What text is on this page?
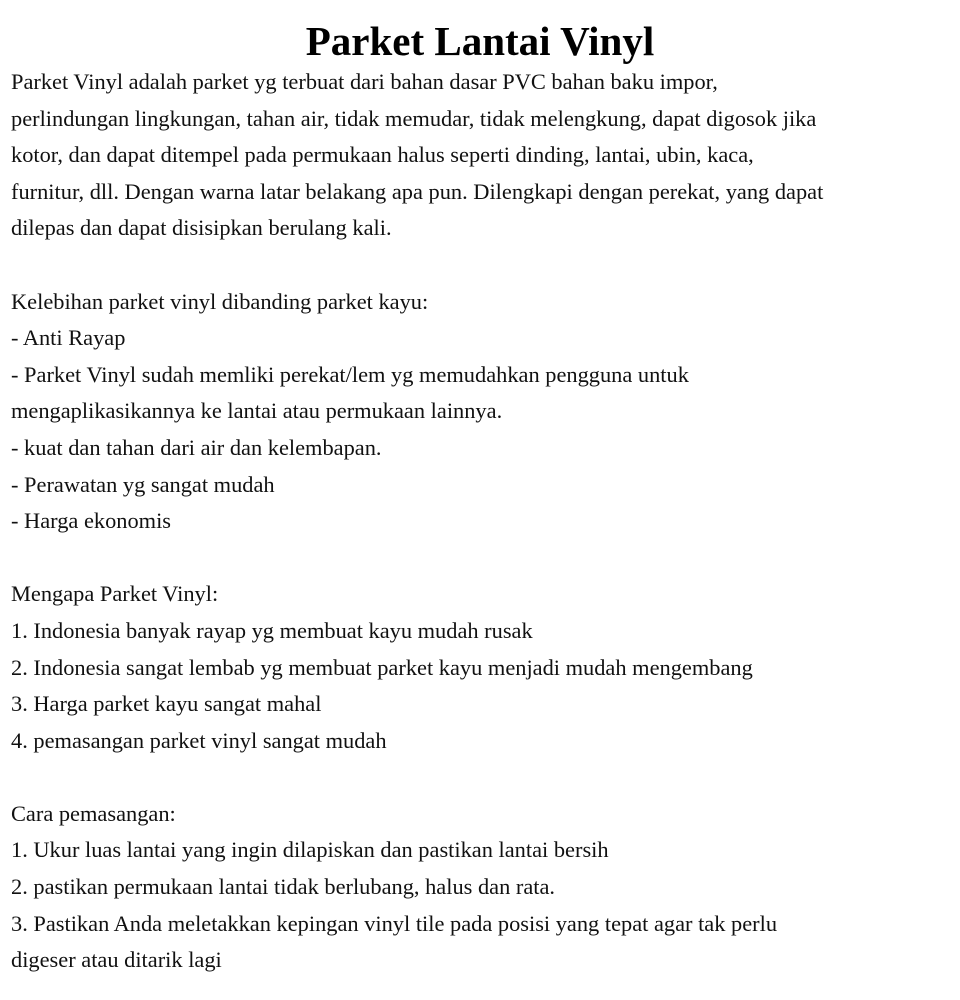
Parket Lantai Vinyl
Parket Vinyl adalah parket yg terbuat dari bahan dasar PVC bahan baku impor,
perlindungan lingkungan, tahan air, tidak memudar, tidak melengkung, dapat digosok jika
kotor, dan dapat ditempel pada permukaan halus seperti dinding, lantai, ubin, kaca,
furnitur, dll. Dengan warna latar belakang apa pun. Dilengkapi dengan perekat, yang dapat
dilepas dan dapat disisipkan berulang kali.
Kelebihan parket vinyl dibanding parket kayu:
- Anti Rayap
- Parket Vinyl sudah memliki perekat/lem yg memudahkan pengguna untuk
mengaplikasikannya ke lantai atau permukaan lainnya.
- kuat dan tahan dari air dan kelembapan.
- Perawatan yg sangat mudah
- Harga ekonomis
Mengapa Parket Vinyl:
1. Indonesia banyak rayap yg membuat kayu mudah rusak
2. Indonesia sangat lembab yg membuat parket kayu menjadi mudah mengembang
3. Harga parket kayu sangat mahal
4. pemasangan parket vinyl sangat mudah
Cara pemasangan:
1. Ukur luas lantai yang ingin dilapiskan dan pastikan lantai bersih
2. pastikan permukaan lantai tidak berlubang, halus dan rata.
3. Pastikan Anda meletakkan kepingan vinyl tile pada posisi yang tepat agar tak perlu
digeser atau ditarik lagi
